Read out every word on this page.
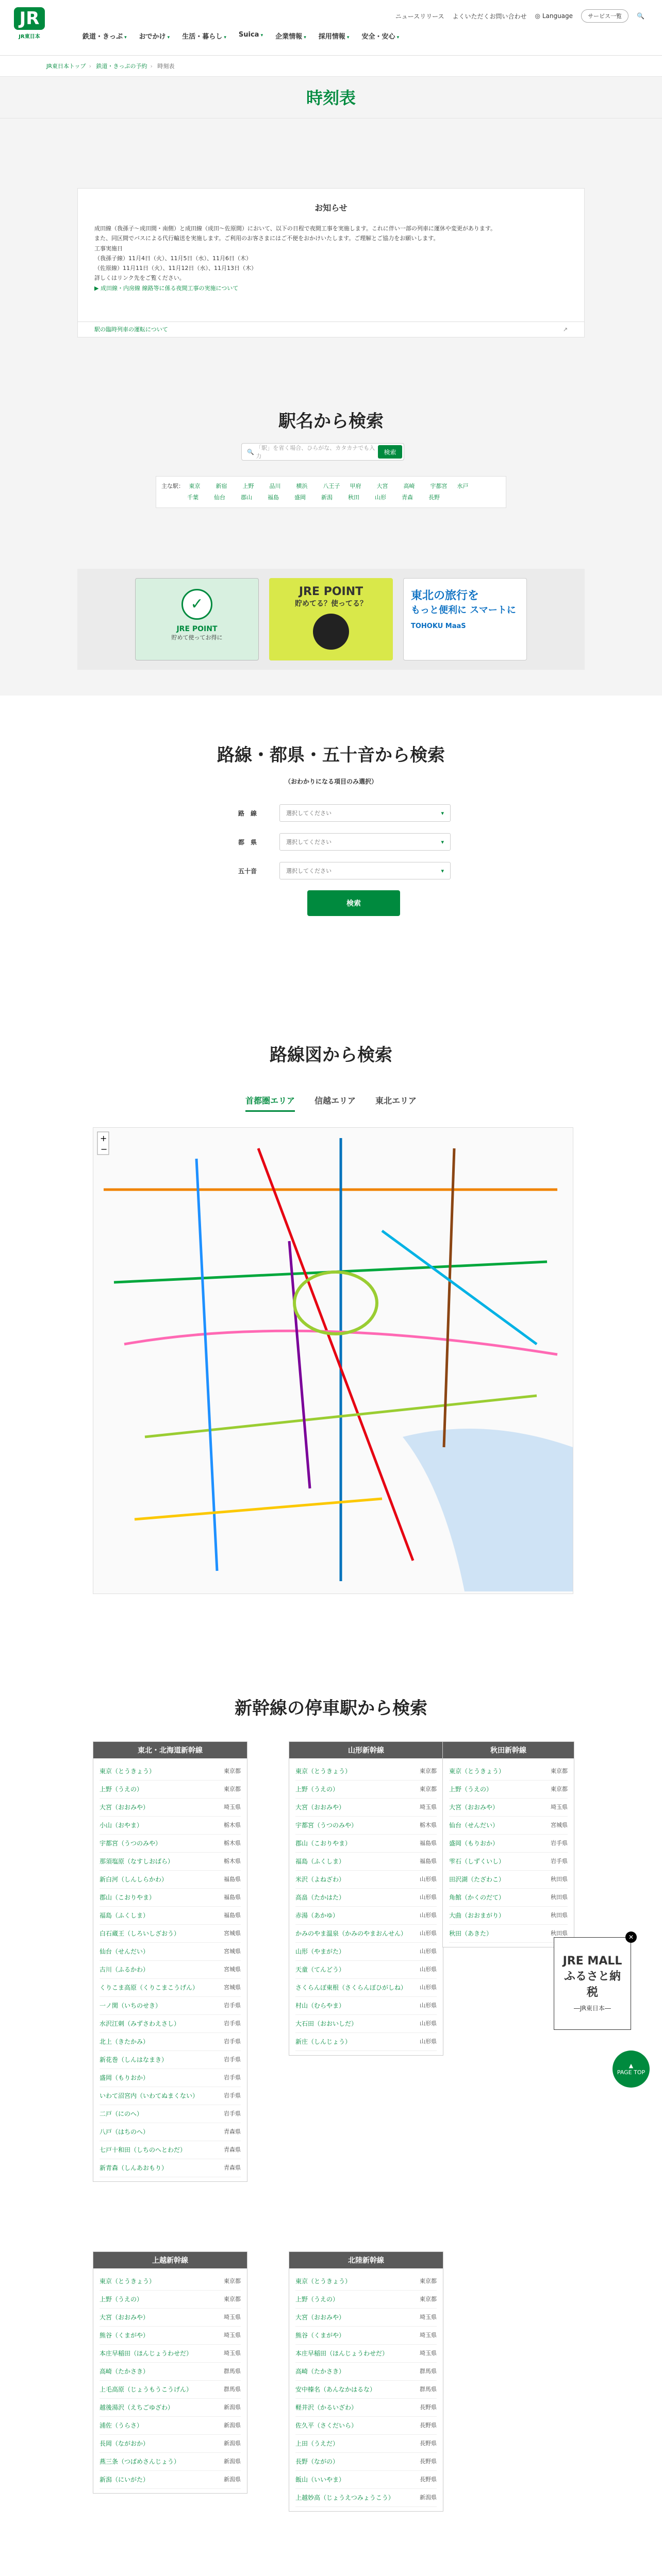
JR
JR東日本
ニュースリリース よくいただくお問い合わせ ◎ Language	サービス一覧	🔍
鉄道・きっぷ ▾	おでかけ ▾	生活・暮らし ▾	Suica ▾	企業情報 ▾	採用情報 ▾	安全・安心 ▾
JR東日本トップ › 鉄道・きっぷの予約 › 時刻表
時刻表
お知らせ

成田線（我孫子～成田間・南側）と成田線（成田～佐原間）において、以下の日程で夜間工事を実施します。これに伴い一部の列車に運休や変更があります。

また、同区間でバスによる代行輸送を実施します。ご利用のお客さまにはご不便をおかけいたします。ご理解とご協力をお願いします。

工事実施日

（我孫子線）11月4日（火）、11月5日（水）、11月6日（木）

（佐原線）11月11日（火）、11月12日（水）、11月13日（木）

詳しくはリンク先をご覧ください。

▶ 成田線・内房線 線路等に係る夜間工事の実施について

駅の臨時列車の運転について	↗
駅名から検索
🔍
「駅」を省く場合、ひらがな、カタカナでも入力
検索
主な駅： 東京	新宿	上野	品川	横浜	八王子 甲府	大宮	高崎	宇都宮 水戸
千葉	仙台	郡山	福島	盛岡	新潟	秋田	山形	青森	長野
✓
JRE POINT
貯めて使ってお得に
JRE POINT
貯めてる？使ってる？
東北の旅行を
もっと便利に スマートに
TOHOKU MaaS
路線・都県・五十音から検索
（おわかりになる項目のみ選択）
路　線	選択してください ▾
都　県	選択してください ▾
五十音	選択してください ▾
検索
路線図から検索
首都圏エリア 信越エリア 東北エリア
+
−
新幹線の停車駅から検索
東北・北海道新幹線
東京（とうきょう）	東京都
上野（うえの）	東京都
大宮（おおみや）	埼玉県
小山（おやま）	栃木県
宇都宮（うつのみや）	栃木県
那須塩原（なすしおばら）	栃木県
新白河（しんしらかわ）	福島県
郡山（こおりやま）	福島県
福島（ふくしま）	福島県
白石蔵王（しろいしざおう）	宮城県
仙台（せんだい）	宮城県
古川（ふるかわ）	宮城県
くりこま高原（くりこまこうげん）	宮城県
一ノ関（いちのせき）	岩手県
水沢江刺（みずさわえさし）	岩手県
北上（きたかみ）	岩手県
新花巻（しんはなまき）	岩手県
盛岡（もりおか）	岩手県
いわて沼宮内（いわてぬまくない）	岩手県
二戸（にのへ）	岩手県
八戸（はちのへ）	青森県
七戸十和田（しちのへとわだ）	青森県
新青森（しんあおもり）	青森県
山形新幹線
東京（とうきょう）	東京都
上野（うえの）	東京都
大宮（おおみや）	埼玉県
宇都宮（うつのみや）	栃木県
郡山（こおりやま）	福島県
福島（ふくしま）	福島県
米沢（よねざわ）	山形県
高畠（たかはた）	山形県
赤湯（あかゆ）	山形県
かみのやま温泉（かみのやまおんせん） 山形県
山形（やまがた）	山形県
天童（てんどう）	山形県
さくらんぼ東根（さくらんぼひがしね） 山形県
村山（むらやま）	山形県
大石田（おおいしだ）	山形県
新庄（しんじょう）	山形県
秋田新幹線
東京（とうきょう）	東京都
上野（うえの）	東京都
大宮（おおみや）	埼玉県
仙台（せんだい）	宮城県
盛岡（もりおか）	岩手県
雫石（しずくいし）	岩手県
田沢湖（たざわこ）	秋田県
角館（かくのだて）	秋田県
大曲（おおまがり）	秋田県
秋田（あきた）	秋田県
上越新幹線
東京（とうきょう）	東京都
上野（うえの）	東京都
大宮（おおみや）	埼玉県
熊谷（くまがや）	埼玉県
本庄早稲田（ほんじょうわせだ）	埼玉県
高崎（たかさき）	群馬県
上毛高原（じょうもうこうげん）	群馬県
越後湯沢（えちごゆざわ）	新潟県
浦佐（うらさ）	新潟県
長岡（ながおか）	新潟県
燕三条（つばめさんじょう）	新潟県
新潟（にいがた）	新潟県
北陸新幹線
東京（とうきょう）	東京都
上野（うえの）	東京都
大宮（おおみや）	埼玉県
熊谷（くまがや）	埼玉県
本庄早稲田（ほんじょうわせだ）	埼玉県
高崎（たかさき）	群馬県
安中榛名（あんなかはるな）	群馬県
軽井沢（かるいざわ）	長野県
佐久平（さくだいら）	長野県
上田（うえだ）	長野県
長野（ながの）	長野県
飯山（いいやま）	長野県
上越妙高（じょうえつみょうこう）	新潟県
✕
JRE MALL ふるさと納税
―JR東日本―
▲
PAGE TOP
